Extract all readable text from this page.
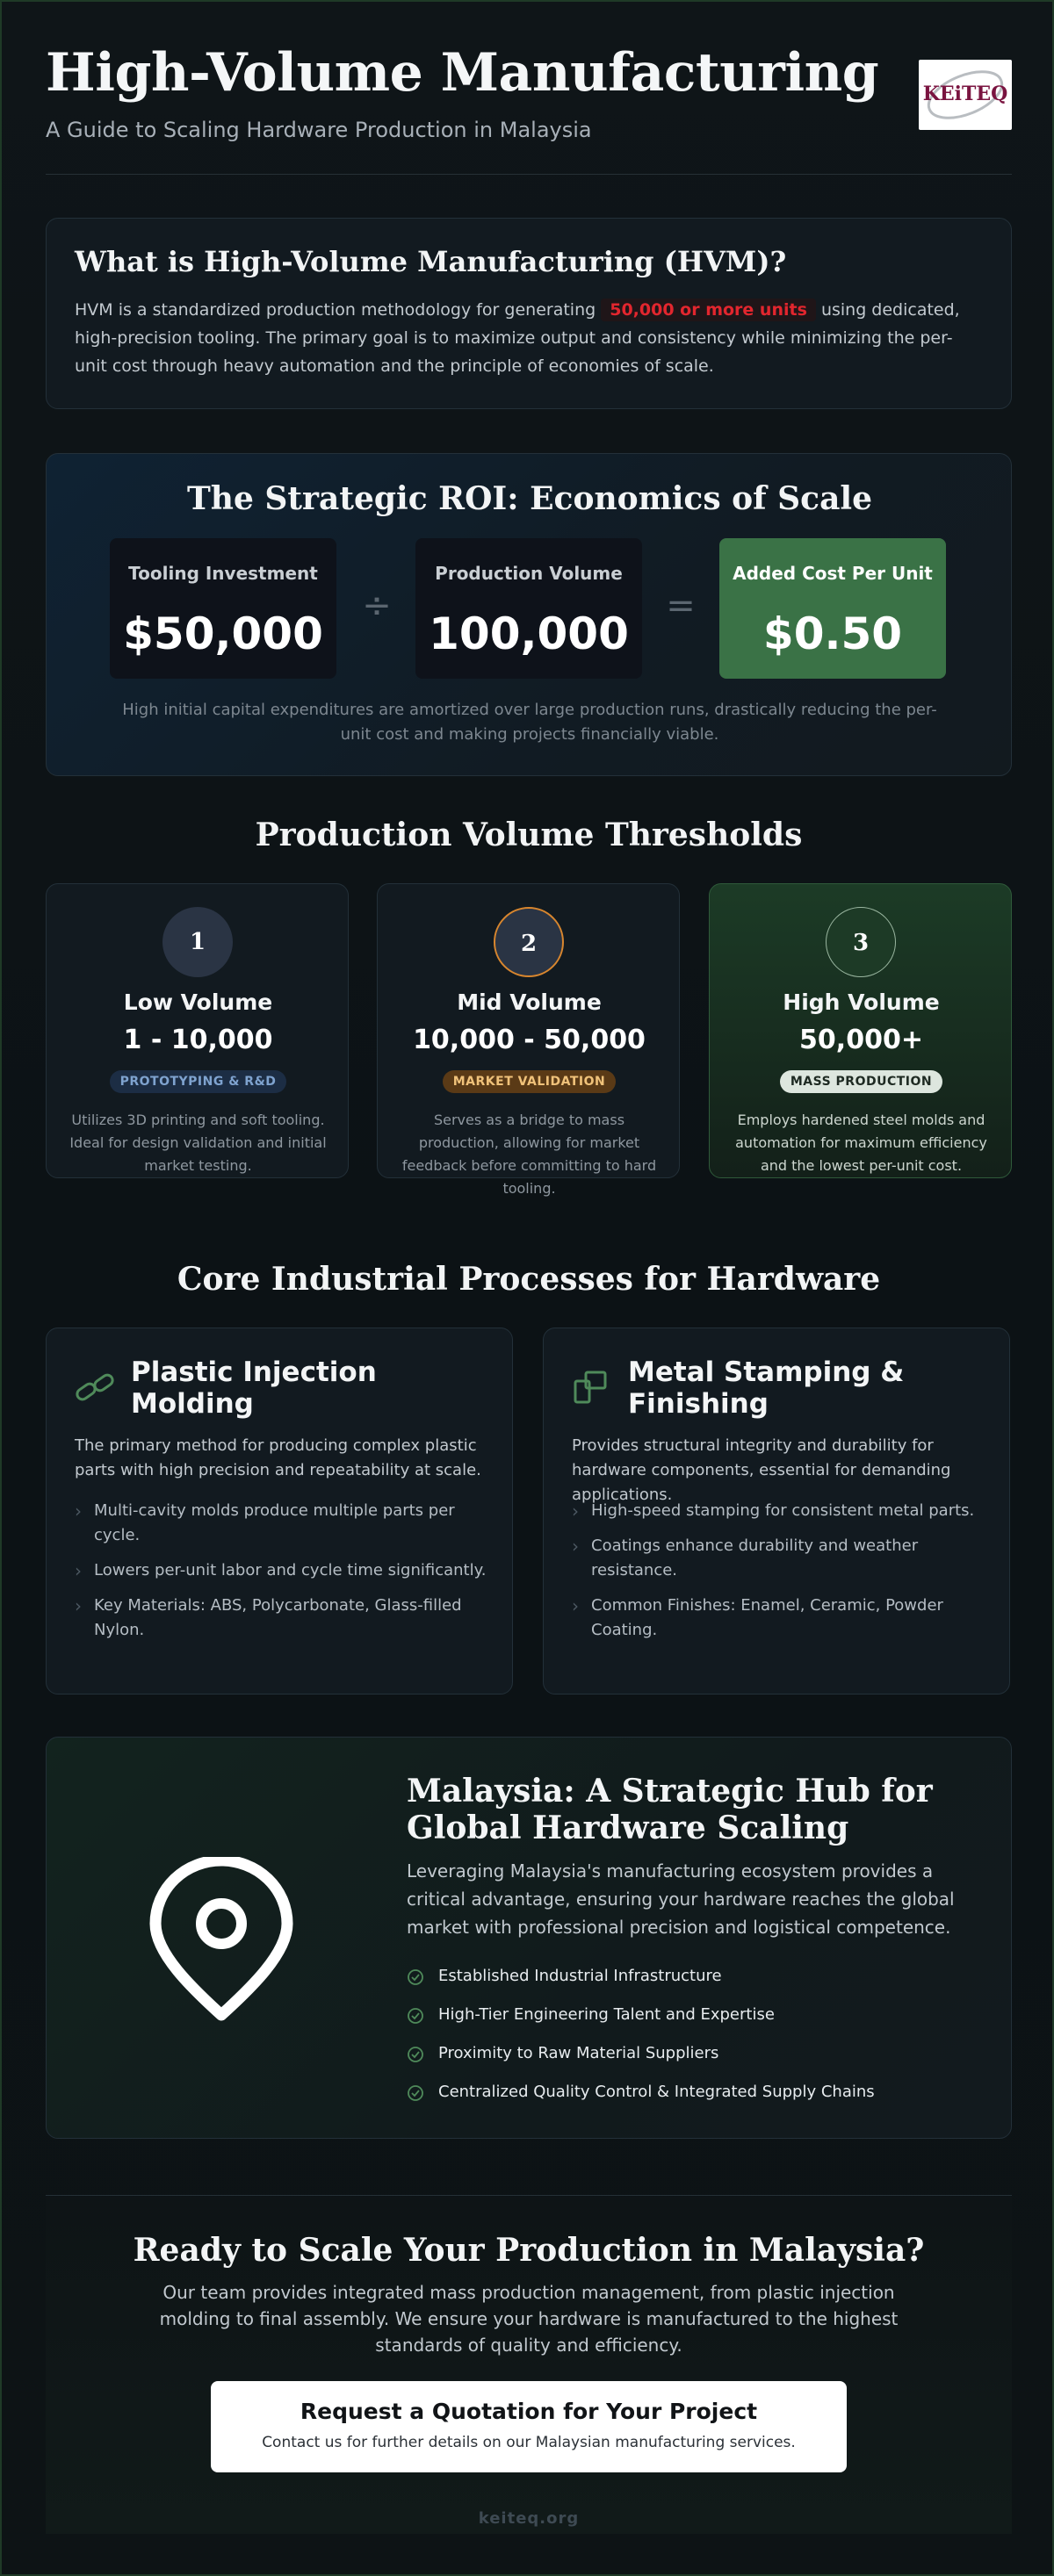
High-Volume Manufacturing
A Guide to Scaling Hardware Production in Malaysia
KEiTEQ
What is High-Volume Manufacturing (HVM)?

HVM is a standardized production methodology for generating 50,000 or more units using dedicated, high-precision tooling. The primary goal is to maximize output and consistency while minimizing the per-unit cost through heavy automation and the principle of economies of scale.

The Strategic ROI: Economics of Scale
Tooling Investment
$50,000
÷
Production Volume
100,000
=
Added Cost Per Unit
$0.50
High initial capital expenditures are amortized over large production runs, drastically reducing the per-unit cost and making projects financially viable.
Production Volume Thresholds
1
Low Volume
1 - 10,000
PROTOTYPING & R&D
Utilizes 3D printing and soft tooling. Ideal for design validation and initial market testing.
2
Mid Volume
10,000 - 50,000
MARKET VALIDATION
Serves as a bridge to mass production, allowing for market feedback before committing to hard tooling.
3
High Volume
50,000+
MASS PRODUCTION
Employs hardened steel molds and automation for maximum efficiency and the lowest per-unit cost.
Core Industrial Processes for Hardware
Plastic Injection Molding
The primary method for producing complex plastic parts with high precision and repeatability at scale.
› Multi-cavity molds produce multiple parts per cycle.
› Lowers per-unit labor and cycle time significantly.
› Key Materials: ABS, Polycarbonate, Glass-filled Nylon.
Metal Stamping & Finishing
Provides structural integrity and durability for hardware components, essential for demanding applications.
› High-speed stamping for consistent metal parts.
› Coatings enhance durability and weather resistance.
› Common Finishes: Enamel, Ceramic, Powder Coating.
Malaysia: A Strategic Hub for Global Hardware Scaling
Leveraging Malaysia's manufacturing ecosystem provides a critical advantage, ensuring your hardware reaches the global market with professional precision and logistical competence.
Established Industrial Infrastructure
High-Tier Engineering Talent and Expertise
Proximity to Raw Material Suppliers
Centralized Quality Control & Integrated Supply Chains
Ready to Scale Your Production in Malaysia?

Our team provides integrated mass production management, from plastic injection molding to final assembly. We ensure your hardware is manufactured to the highest standards of quality and efficiency.

Request a Quotation for Your Project
Contact us for further details on our Malaysian manufacturing services.
keiteq.org
